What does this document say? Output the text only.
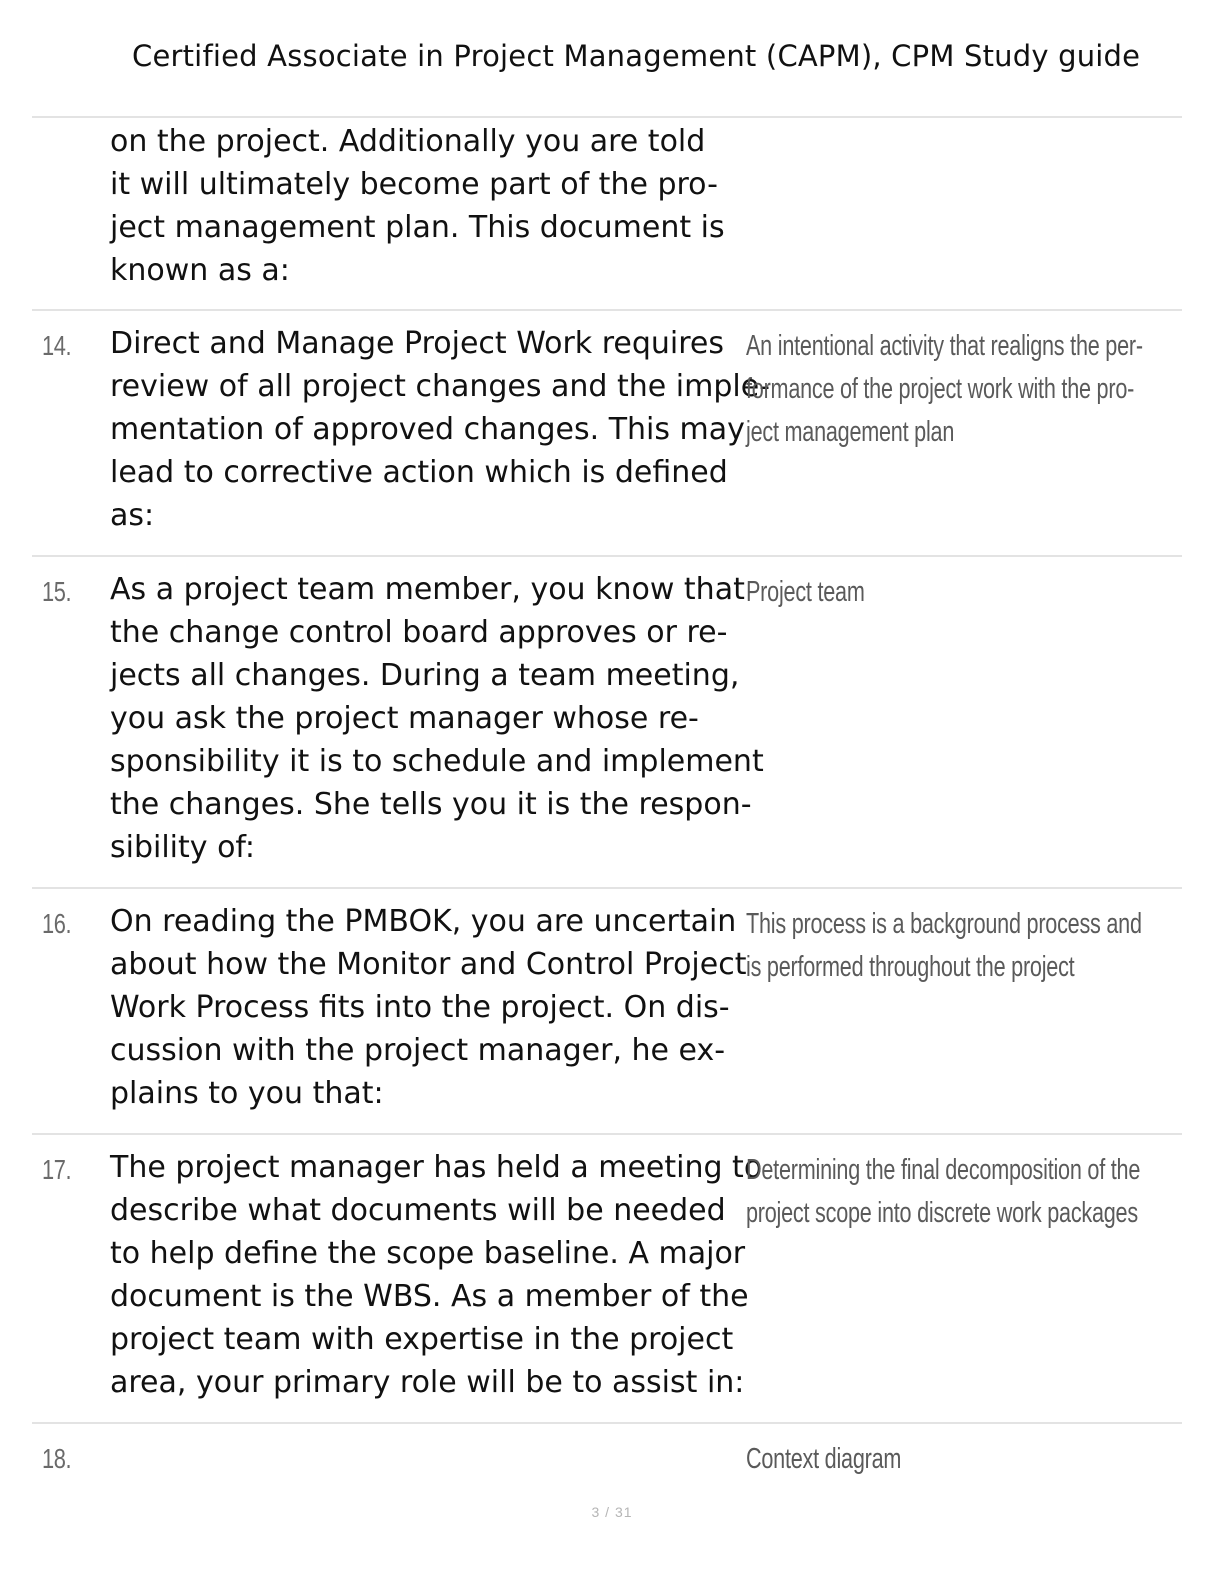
Certified Associate in Project Management (CAPM), CPM Study guide
on the project. Additionally you are told
it will ultimately become part of the pro-
ject management plan. This document is
known as a:
14. Direct and Manage Project Work requires
review of all project changes and the imple-
mentation of approved changes. This may
lead to corrective action which is defined
as:
An intentional activity that realigns the per-
formance of the project work with the pro-
ject management plan
15. As a project team member, you know that
the change control board approves or re-
jects all changes. During a team meeting,
you ask the project manager whose re-
sponsibility it is to schedule and implement
the changes. She tells you it is the respon-
sibility of:
Project team
16. On reading the PMBOK, you are uncertain
about how the Monitor and Control Project
Work Process fits into the project. On dis-
cussion with the project manager, he ex-
plains to you that:
This process is a background process and
is performed throughout the project
17. The project manager has held a meeting to
describe what documents will be needed
to help define the scope baseline. A major
document is the WBS. As a member of the
project team with expertise in the project
area, your primary role will be to assist in:
Determining the final decomposition of the
project scope into discrete work packages
18.	Context diagram
3 / 31
